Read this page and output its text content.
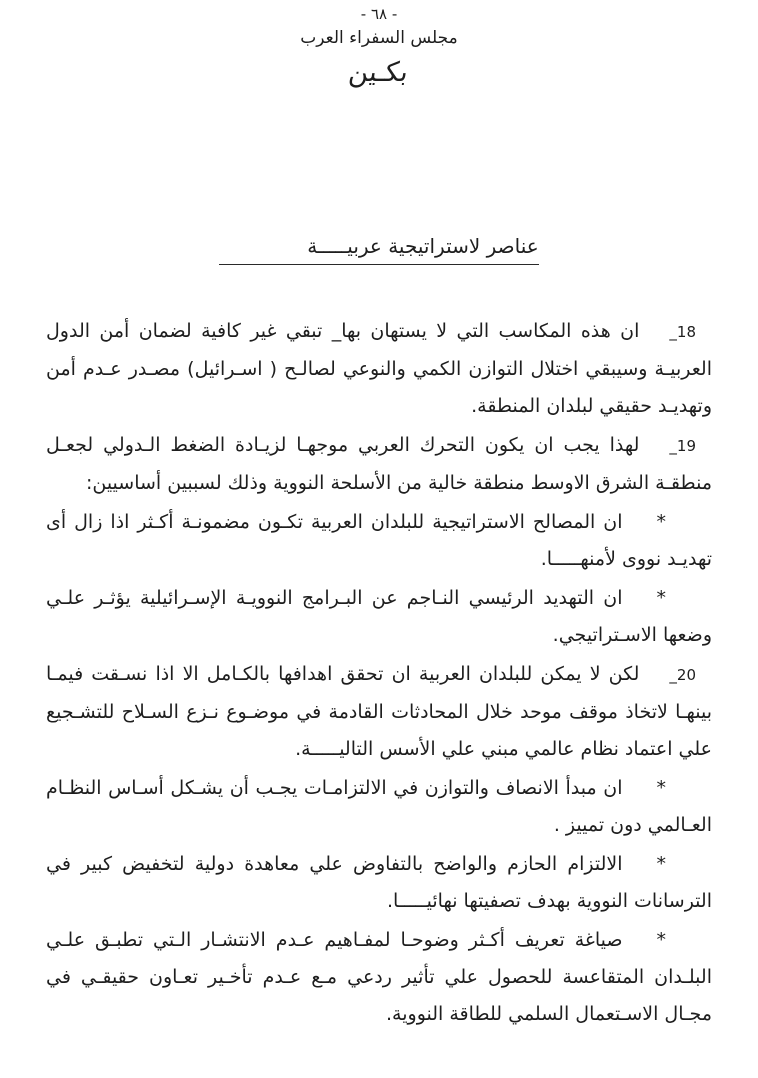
- ٦٨ -
مجلس السفراء العرب
بكـين
عناصر لاستراتيجية عربيـــــة
18_ان هذه المكاسب التي لا يستهان بها_ تبقي غير كافية لضمان أمن الدول العربيـة وسيبقي اختلال التوازن الكمي والنوعي لصالـح ( اسـرائيل) مصـدر عـدم أمن وتهديـد حقيقي لبلدان المنطقة.
19_لهذا يجب ان يكون التحرك العربي موجهـا لزيـادة الضغط الـدولي لجعـل منطقـة الشرق الاوسط منطقة خالية من الأسلحة النووية وذلك لسببين أساسيين:
*ان المصالح الاستراتيجية للبلدان العربية تكـون مضمونـة أكـثر اذا زال أى تهديـد نووى لأمنهـــــا.
*ان التهديد الرئيسي النـاجم عن البـرامج النوويـة الإسـرائيلية يؤثـر علـي وضعها الاسـتراتيجي.
20_لكن لا يمكن للبلدان العربية ان تحقق اهدافها بالكـامل الا اذا نسـقت فيمـا بينهـا لاتخاذ موقف موحد خلال المحادثات القادمة في موضـوع نـزع السـلاح للتشـجيع علي اعتماد نظام عالمي مبني علي الأسس التاليـــــة.
*ان مبدأ الانصاف والتوازن في الالتزامـات يجـب أن يشـكل أسـاس النظـام العـالمي دون تمييز .
*الالتزام الحازم والواضح بالتفاوض علي معاهدة دولية لتخفيض كبير في الترسانات النووية بهدف تصفيتها نهائيـــــا.
*صياغة تعريف أكـثر وضوحـا لمفـاهيم عـدم الانتشـار الـتي تطبـق علـي البلـدان المتقاعسة للحصول علي تأثير ردعي مـع عـدم تأخـير تعـاون حقيقـي في مجـال الاسـتعمال السلمي للطاقة النووية.
